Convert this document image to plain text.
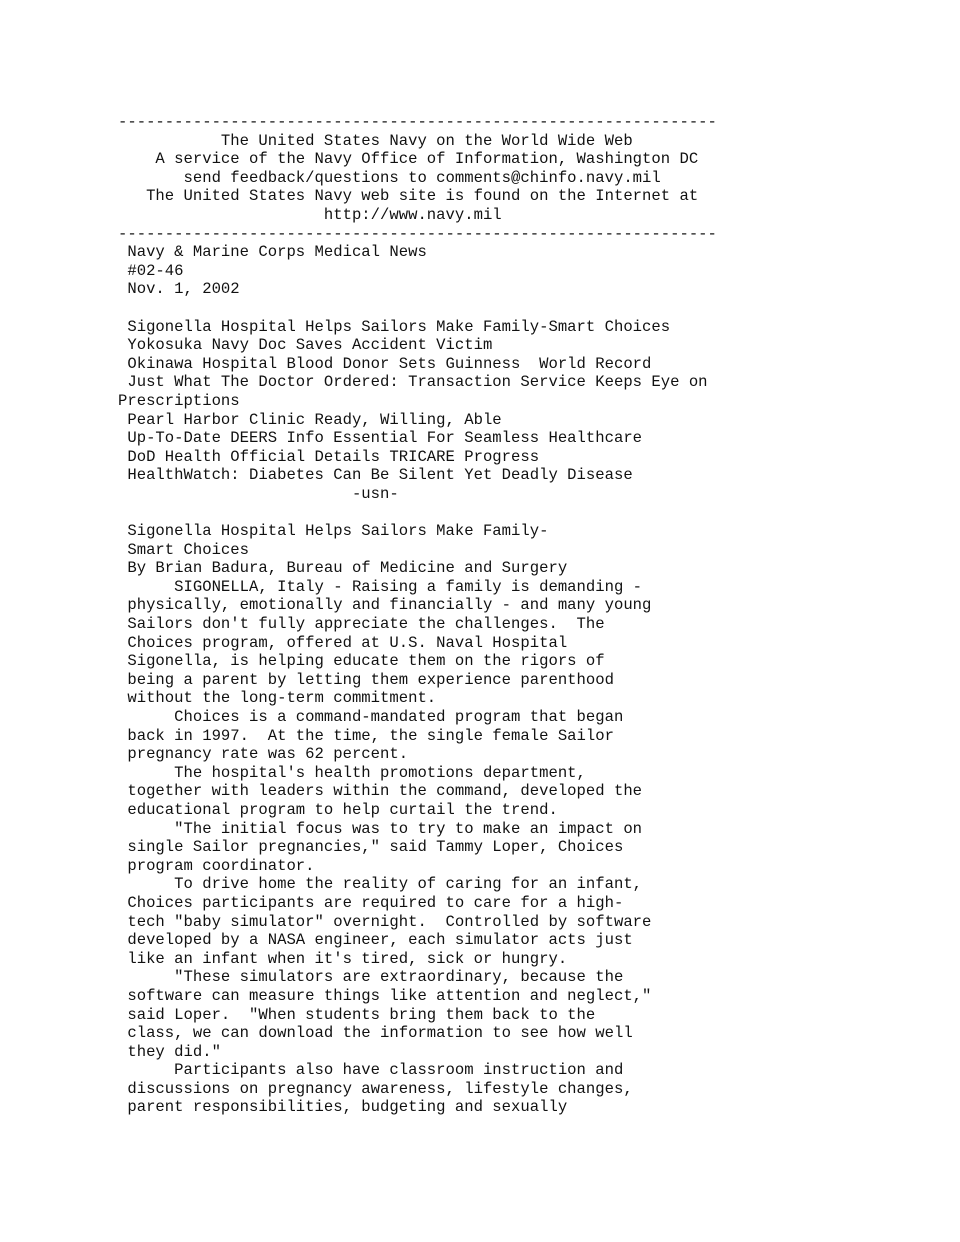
----------------------------------------------------------------
The United States Navy on the World Wide Web
A service of the Navy Office of Information, Washington DC
send feedback/questions to comments@chinfo.navy.mil
The United States Navy web site is found on the Internet at
http://www.navy.mil
----------------------------------------------------------------
Navy & Marine Corps Medical News
#02-46
Nov. 1, 2002
Sigonella Hospital Helps Sailors Make Family-Smart Choices
Yokosuka Navy Doc Saves Accident Victim
Okinawa Hospital Blood Donor Sets Guinness  World Record
Just What The Doctor Ordered: Transaction Service Keeps Eye on
Prescriptions
Pearl Harbor Clinic Ready, Willing, Able
Up-To-Date DEERS Info Essential For Seamless Healthcare
DoD Health Official Details TRICARE Progress
HealthWatch: Diabetes Can Be Silent Yet Deadly Disease
-usn-
Sigonella Hospital Helps Sailors Make Family-
Smart Choices
By Brian Badura, Bureau of Medicine and Surgery
SIGONELLA, Italy - Raising a family is demanding -
physically, emotionally and financially - and many young
Sailors don't fully appreciate the challenges.  The
Choices program, offered at U.S. Naval Hospital
Sigonella, is helping educate them on the rigors of
being a parent by letting them experience parenthood
without the long-term commitment.
Choices is a command-mandated program that began
back in 1997.  At the time, the single female Sailor
pregnancy rate was 62 percent.
The hospital's health promotions department,
together with leaders within the command, developed the
educational program to help curtail the trend.
"The initial focus was to try to make an impact on
single Sailor pregnancies," said Tammy Loper, Choices
program coordinator.
To drive home the reality of caring for an infant,
Choices participants are required to care for a high-
tech "baby simulator" overnight.  Controlled by software
developed by a NASA engineer, each simulator acts just
like an infant when it's tired, sick or hungry.
"These simulators are extraordinary, because the
software can measure things like attention and neglect,"
said Loper.  "When students bring them back to the
class, we can download the information to see how well
they did."
Participants also have classroom instruction and
discussions on pregnancy awareness, lifestyle changes,
parent responsibilities, budgeting and sexually
